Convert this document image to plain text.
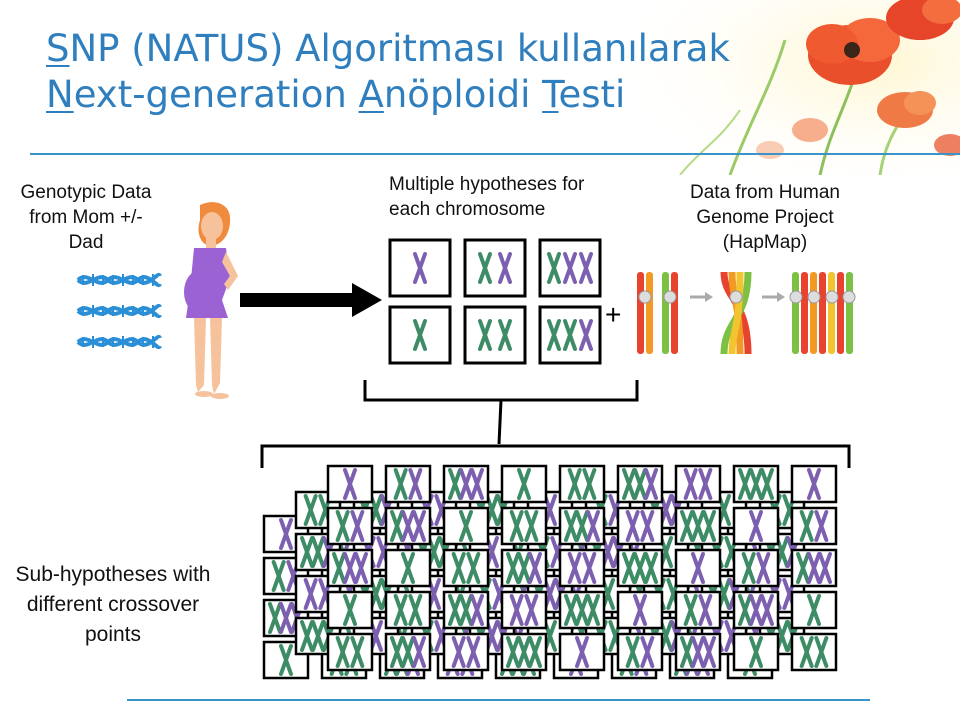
SNP (NATUS) Algoritması kullanılarak
Next-generation Anöploidi Testi
Genotypic Data
from Mom +/-
Dad
Multiple hypotheses for
each chromosome
Data from Human
Genome Project
(HapMap)
Sub-hypotheses with
different crossover
points
+
